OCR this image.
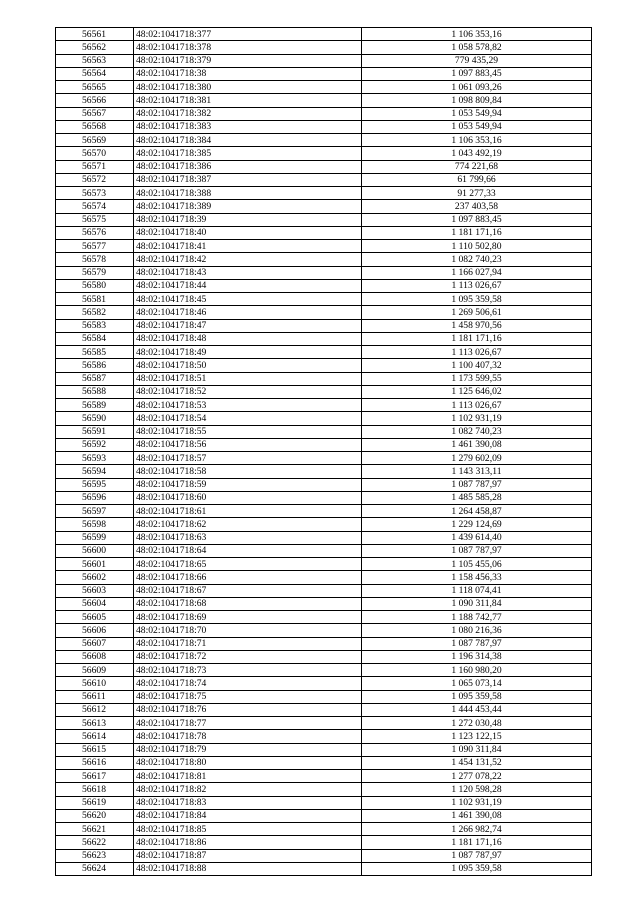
56561	48:02:1041718:377	1 106 353,16
56562	48:02:1041718:378	1 058 578,82
56563	48:02:1041718:379	779 435,29
56564	48:02:1041718:38	1 097 883,45
56565	48:02:1041718:380	1 061 093,26
56566	48:02:1041718:381	1 098 809,84
56567	48:02:1041718:382	1 053 549,94
56568	48:02:1041718:383	1 053 549,94
56569	48:02:1041718:384	1 106 353,16
56570	48:02:1041718:385	1 043 492,19
56571	48:02:1041718:386	774 221,68
56572	48:02:1041718:387	61 799,66
56573	48:02:1041718:388	91 277,33
56574	48:02:1041718:389	237 403,58
56575	48:02:1041718:39	1 097 883,45
56576	48:02:1041718:40	1 181 171,16
56577	48:02:1041718:41	1 110 502,80
56578	48:02:1041718:42	1 082 740,23
56579	48:02:1041718:43	1 166 027,94
56580	48:02:1041718:44	1 113 026,67
56581	48:02:1041718:45	1 095 359,58
56582	48:02:1041718:46	1 269 506,61
56583	48:02:1041718:47	1 458 970,56
56584	48:02:1041718:48	1 181 171,16
56585	48:02:1041718:49	1 113 026,67
56586	48:02:1041718:50	1 100 407,32
56587	48:02:1041718:51	1 173 599,55
56588	48:02:1041718:52	1 125 646,02
56589	48:02:1041718:53	1 113 026,67
56590	48:02:1041718:54	1 102 931,19
56591	48:02:1041718:55	1 082 740,23
56592	48:02:1041718:56	1 461 390,08
56593	48:02:1041718:57	1 279 602,09
56594	48:02:1041718:58	1 143 313,11
56595	48:02:1041718:59	1 087 787,97
56596	48:02:1041718:60	1 485 585,28
56597	48:02:1041718:61	1 264 458,87
56598	48:02:1041718:62	1 229 124,69
56599	48:02:1041718:63	1 439 614,40
56600	48:02:1041718:64	1 087 787,97
56601	48:02:1041718:65	1 105 455,06
56602	48:02:1041718:66	1 158 456,33
56603	48:02:1041718:67	1 118 074,41
56604	48:02:1041718:68	1 090 311,84
56605	48:02:1041718:69	1 188 742,77
56606	48:02:1041718:70	1 080 216,36
56607	48:02:1041718:71	1 087 787,97
56608	48:02:1041718:72	1 196 314,38
56609	48:02:1041718:73	1 160 980,20
56610	48:02:1041718:74	1 065 073,14
56611	48:02:1041718:75	1 095 359,58
56612	48:02:1041718:76	1 444 453,44
56613	48:02:1041718:77	1 272 030,48
56614	48:02:1041718:78	1 123 122,15
56615	48:02:1041718:79	1 090 311,84
56616	48:02:1041718:80	1 454 131,52
56617	48:02:1041718:81	1 277 078,22
56618	48:02:1041718:82	1 120 598,28
56619	48:02:1041718:83	1 102 931,19
56620	48:02:1041718:84	1 461 390,08
56621	48:02:1041718:85	1 266 982,74
56622	48:02:1041718:86	1 181 171,16
56623	48:02:1041718:87	1 087 787,97
56624	48:02:1041718:88	1 095 359,58
